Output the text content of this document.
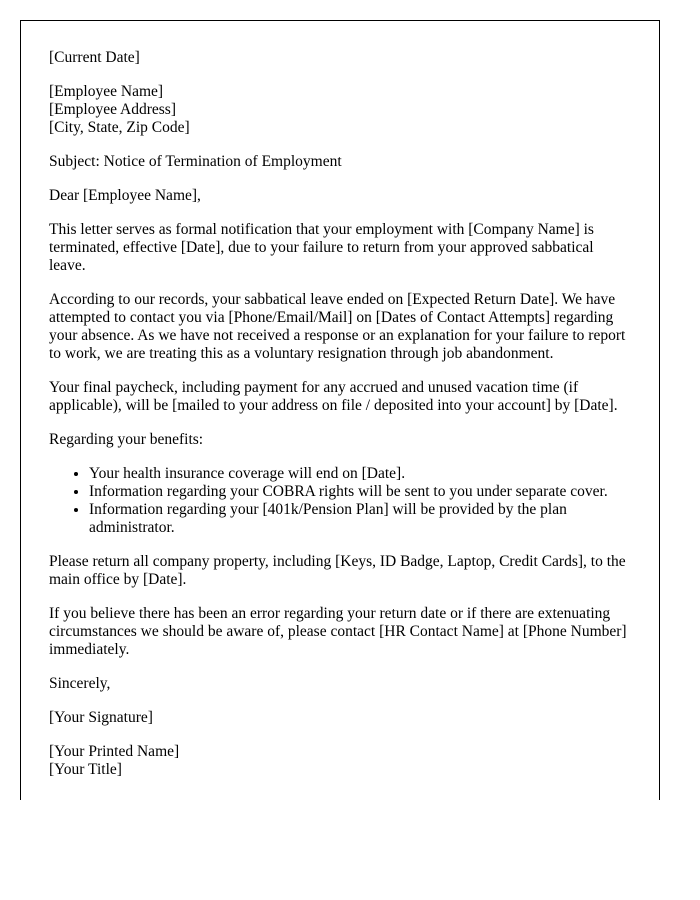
[Current Date]

[Employee Name]
[Employee Address]
[City, State, Zip Code]

Subject: Notice of Termination of Employment

Dear [Employee Name],

This letter serves as formal notification that your employment with [Company Name] is terminated, effective [Date], due to your failure to return from your approved sabbatical leave.

According to our records, your sabbatical leave ended on [Expected Return Date]. We have attempted to contact you via [Phone/Email/Mail] on [Dates of Contact Attempts] regarding your absence. As we have not received a response or an explanation for your failure to report to work, we are treating this as a voluntary resignation through job abandonment.

Your final paycheck, including payment for any accrued and unused vacation time (if applicable), will be [mailed to your address on file / deposited into your account] by [Date].

Regarding your benefits:

• Your health insurance coverage will end on [Date].
• Information regarding your COBRA rights will be sent to you under separate cover.
• Information regarding your [401k/Pension Plan] will be provided by the plan administrator.

Please return all company property, including [Keys, ID Badge, Laptop, Credit Cards], to the main office by [Date].

If you believe there has been an error regarding your return date or if there are extenuating circumstances we should be aware of, please contact [HR Contact Name] at [Phone Number] immediately.

Sincerely,

[Your Signature]

[Your Printed Name]

[Your Title]
